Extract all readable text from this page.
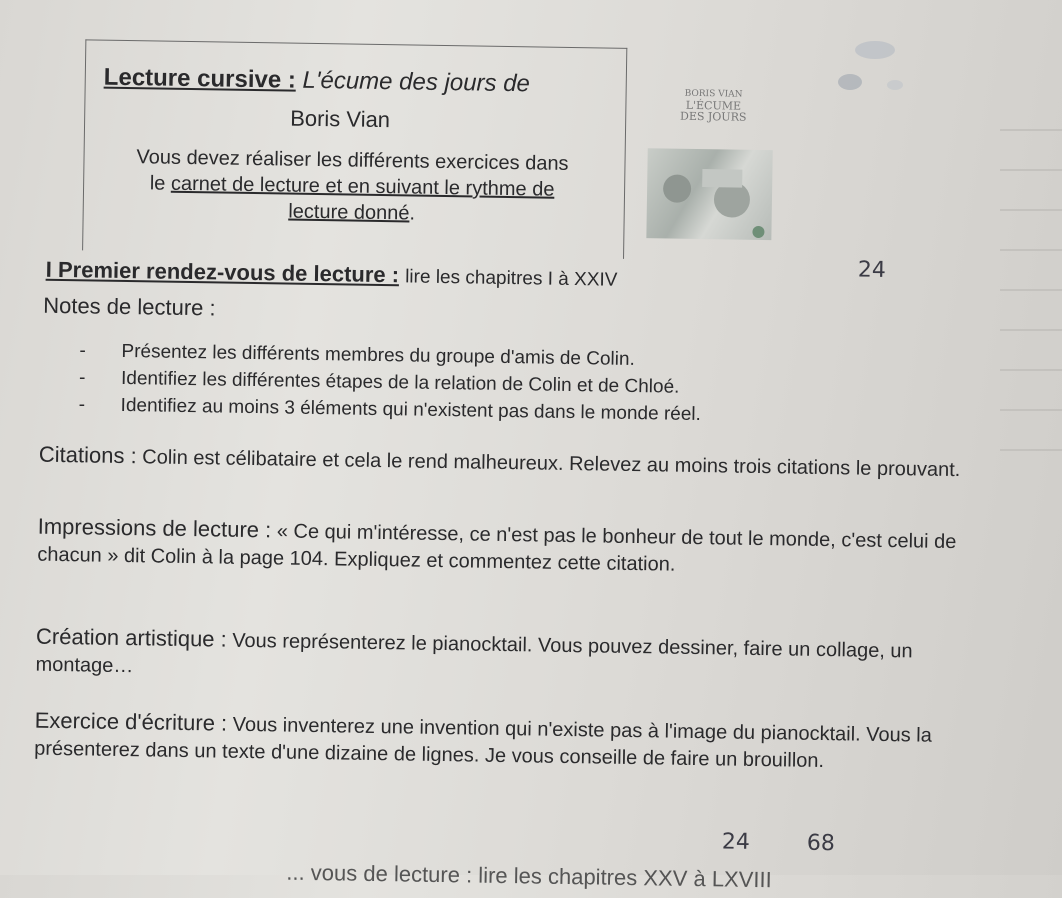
Lecture cursive : L'écume des jours de
Boris Vian
Vous devez réaliser les différents exercices dans
le carnet de lecture et en suivant le rythme de
lecture donné.
BORIS VIAN
L'ÉCUME
DES JOURS
24
I Premier rendez-vous de lecture : lire les chapitres I à XXIV
Notes de lecture :
- Présentez les différents membres du groupe d'amis de Colin.
- Identifiez les différentes étapes de la relation de Colin et de Chloé.
- Identifiez au moins 3 éléments qui n'existent pas dans le monde réel.
Citations : Colin est célibataire et cela le rend malheureux. Relevez au moins trois citations le prouvant.
Impressions de lecture : « Ce qui m'intéresse, ce n'est pas le bonheur de tout le monde, c'est celui de chacun » dit Colin à la page 104. Expliquez et commentez cette citation.
Création artistique : Vous représenterez le pianocktail. Vous pouvez dessiner, faire un collage, un montage…
Exercice d'écriture : Vous inventerez une invention qui n'existe pas à l'image du pianocktail. Vous la présenterez dans un texte d'une dizaine de lignes. Je vous conseille de faire un brouillon.
24	68
... vous de lecture : lire les chapitres XXV à LXVIII
